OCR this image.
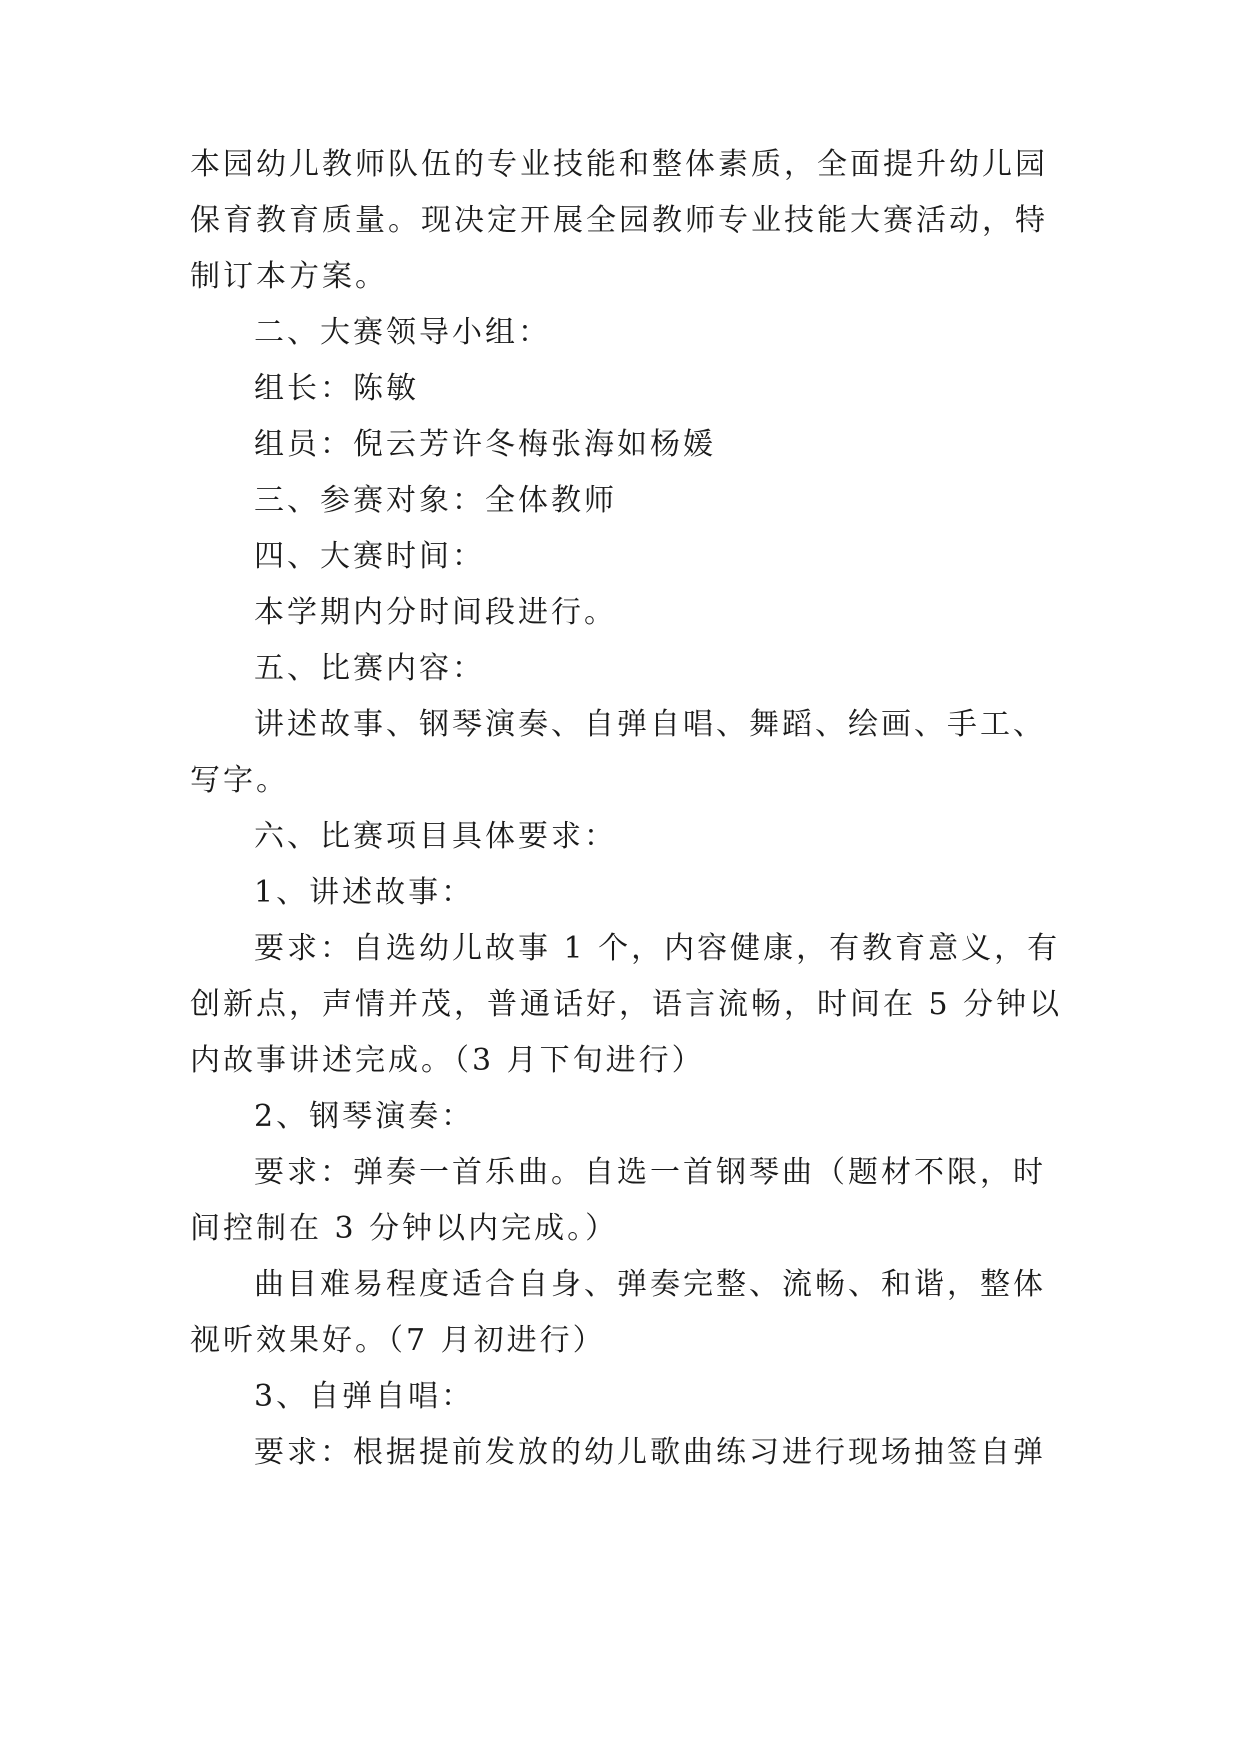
本园幼儿教师队伍的专业技能和整体素质，全面提升幼儿园
保育教育质量。现决定开展全园教师专业技能大赛活动，特
制订本方案。
二、大赛领导小组：
组长：陈敏
组员：倪云芳许冬梅张海如杨媛
三、参赛对象：全体教师
四、大赛时间：
本学期内分时间段进行。
五、比赛内容：
讲述故事、钢琴演奏、自弹自唱、舞蹈、绘画、手工、
写字。
六、比赛项目具体要求：
1、讲述故事：
要求：自选幼儿故事 1 个，内容健康，有教育意义，有
创新点，声情并茂，普通话好，语言流畅，时间在 5 分钟以
内故事讲述完成。（3 月下旬进行）
2、钢琴演奏：
要求：弹奏一首乐曲。自选一首钢琴曲（题材不限，时
间控制在 3 分钟以内完成。）
曲目难易程度适合自身、弹奏完整、流畅、和谐，整体
视听效果好。（7 月初进行）
3、自弹自唱：
要求：根据提前发放的幼儿歌曲练习进行现场抽签自弹
